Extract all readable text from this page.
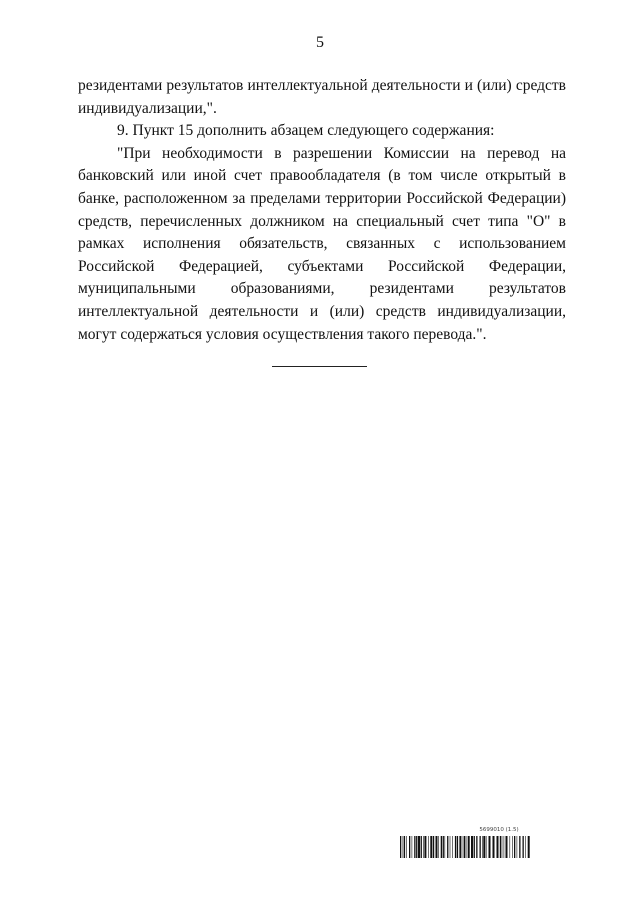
5

резидентами результатов интеллектуальной деятельности и (или) средств индивидуализации,".

9. Пункт 15 дополнить абзацем следующего содержания:

"При необходимости в разрешении Комиссии на перевод на банковский или иной счет правообладателя (в том числе открытый в банке, расположенном за пределами территории Российской Федерации) средств, перечисленных должником на специальный счет типа "О" в рамках исполнения обязательств, связанных с использованием Российской Федерацией, субъектами Российской Федерации, муниципальными образованиями, резидентами результатов интеллектуальной деятельности и (или) средств индивидуализации, могут содержаться условия осуществления такого перевода.".

5699010 (1.5)
